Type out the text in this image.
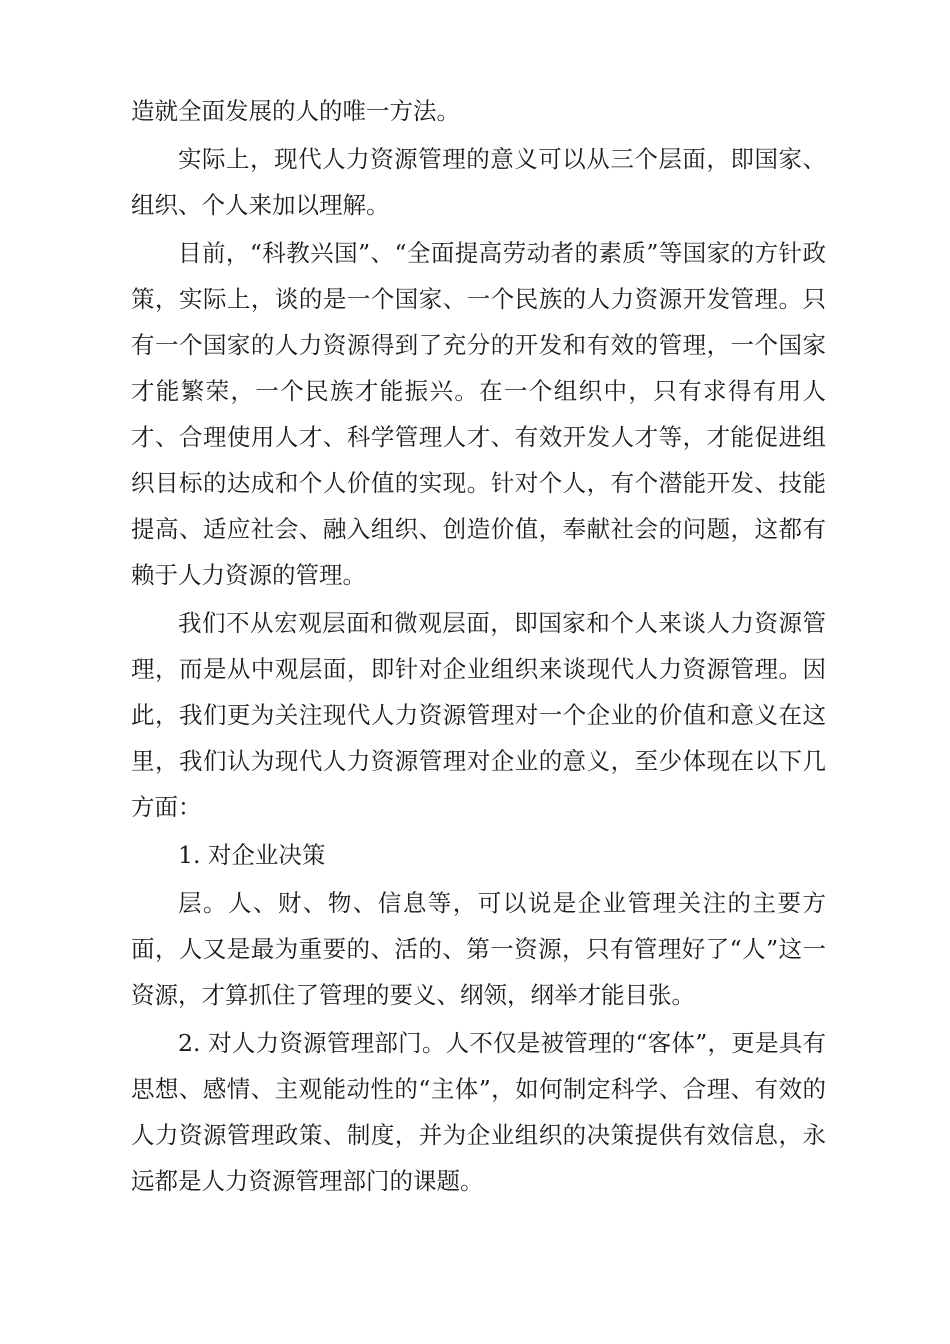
造就全面发展的人的唯一方法。

实际上，现代人力资源管理的意义可以从三个层面，即国家、组织、个人来加以理解。

目前，“科教兴国”、“全面提高劳动者的素质”等国家的方针政策，实际上，谈的是一个国家、一个民族的人力资源开发管理。只有一个国家的人力资源得到了充分的开发和有效的管理，一个国家才能繁荣，一个民族才能振兴。在一个组织中，只有求得有用人才、合理使用人才、科学管理人才、有效开发人才等，才能促进组织目标的达成和个人价值的实现。针对个人，有个潜能开发、技能提高、适应社会、融入组织、创造价值，奉献社会的问题，这都有赖于人力资源的管理。

我们不从宏观层面和微观层面，即国家和个人来谈人力资源管理，而是从中观层面，即针对企业组织来谈现代人力资源管理。因此，我们更为关注现代人力资源管理对一个企业的价值和意义在这里，我们认为现代人力资源管理对企业的意义，至少体现在以下几方面：

1. 对企业决策

层。人、财、物、信息等，可以说是企业管理关注的主要方面，人又是最为重要的、活的、第一资源，只有管理好了“人”这一资源，才算抓住了管理的要义、纲领，纲举才能目张。

2. 对人力资源管理部门。人不仅是被管理的“客体”，更是具有思想、感情、主观能动性的“主体”，如何制定科学、合理、有效的人力资源管理政策、制度，并为企业组织的决策提供有效信息，永远都是人力资源管理部门的课题。
